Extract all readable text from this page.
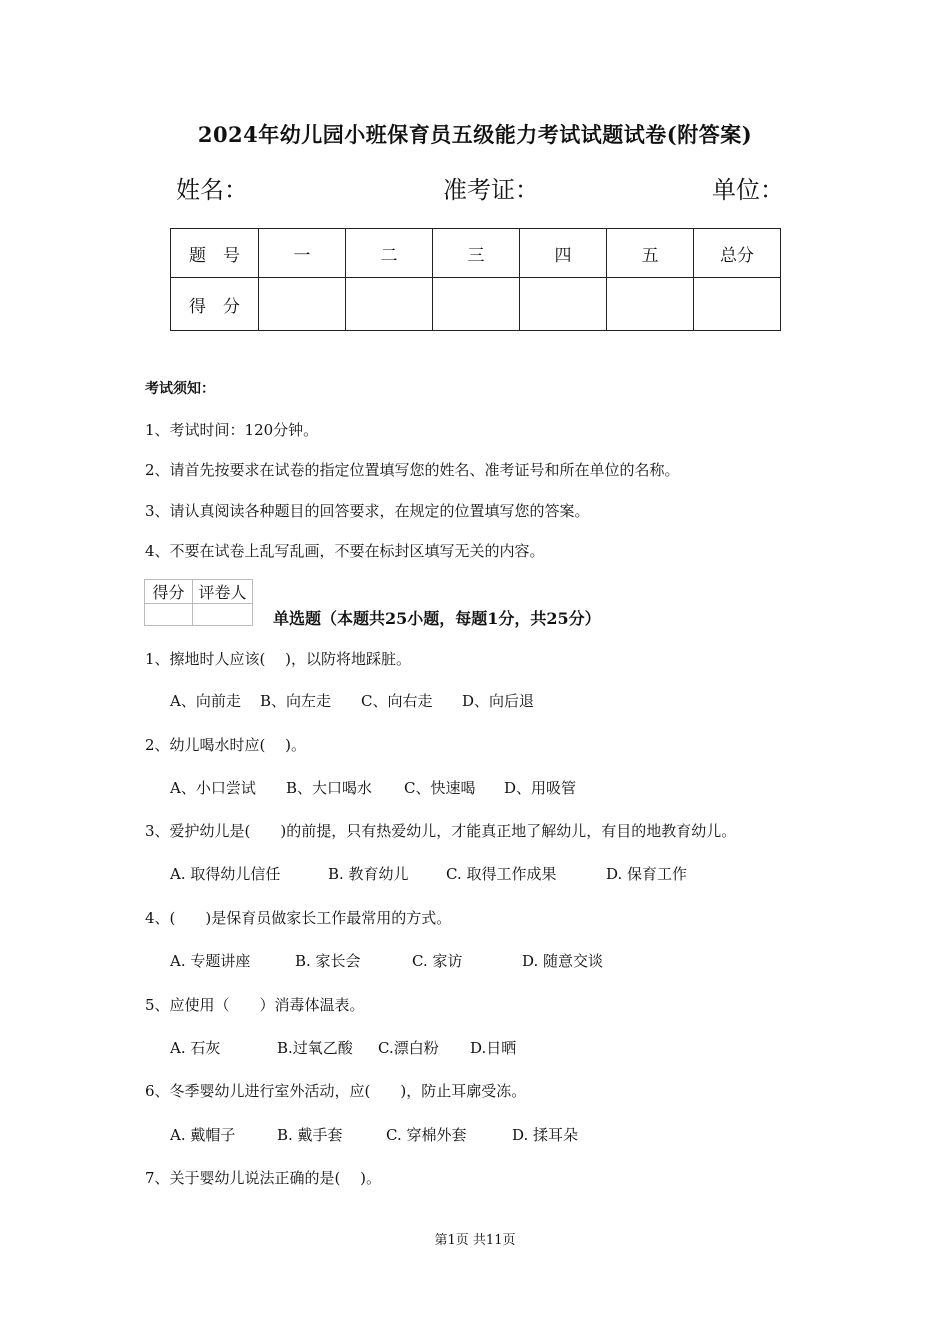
2024年幼儿园小班保育员五级能力考试试题试卷(附答案)
姓名：	准考证：	单位：
题　号	一	二	三	四	五	总分
得　分						
考试须知：
1、考试时间：120分钟。
2、请首先按要求在试卷的指定位置填写您的姓名、准考证号和所在单位的名称。
3、请认真阅读各种题目的回答要求，在规定的位置填写您的答案。
4、不要在试卷上乱写乱画，不要在标封区填写无关的内容。
得分	评卷人

单选题（本题共25小题，每题1分，共25分）
1、擦地时人应该(　 )，以防将地踩脏。
A、向前走 B、向左走 C、向右走 D、向后退
2、幼儿喝水时应(　 )。
A、小口尝试 B、大口喝水 C、快速喝 D、用吸管
3、爱护幼儿是(　　)的前提，只有热爱幼儿，才能真正地了解幼儿，有目的地教育幼儿。
A. 取得幼儿信任	B. 教育幼儿 C. 取得工作成果	D. 保育工作
4、(　　)是保育员做家长工作最常用的方式。
A. 专题讲座	B. 家长会	C. 家访	D. 随意交谈
5、应使用（　　）消毒体温表。
A. 石灰	B.过氧乙酸 C.漂白粉 D.日晒
6、冬季婴幼儿进行室外活动，应(　　)，防止耳廓受冻。
A. 戴帽子	B. 戴手套	C. 穿棉外套	D. 揉耳朵
7、关于婴幼儿说法正确的是(　 )。
第1页 共11页
